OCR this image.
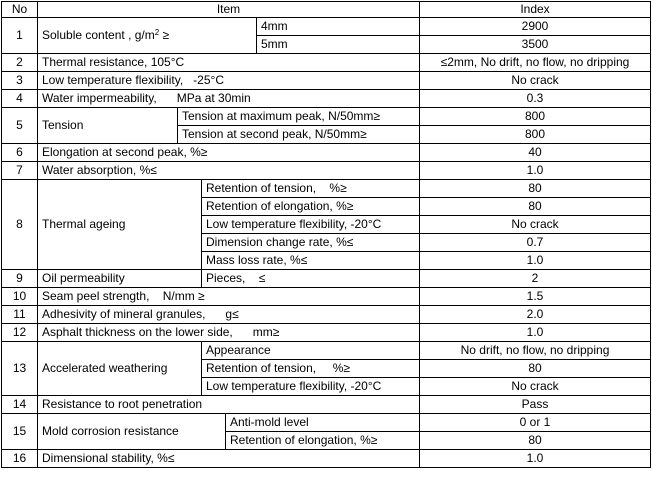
No	Item					Index
1	Soluble content , $g/m^2$ ≥				4mm	2900
					5mm	3500
2	Thermal resistance, 105°C					≤2mm, No drift, no flow, no dripping
3	Low temperature flexibility,   -25°C					No crack
4	Water impermeability,      MPa at 30min					0.3
5	Tension	Tension at maximum peak, N/50mm≥				800
		Tension at second peak, N/50mm≥				800
6	Elongation at second peak, %≥					40
7	Water absorption, %≤					1.0
8	Thermal ageing		Retention of tension,    %≥			80
			Retention of elongation, %≥			80
			Low temperature flexibility, -20°C			No crack
			Dimension change rate, %≤			0.7
			Mass loss rate, %≤			1.0
9	Oil permeability		Pieces,    ≤			2
10	Seam peel strength,    N/mm ≥					1.5
11	Adhesivity of mineral granules,      g≤					2.0
12	Asphalt thickness on the lower side,      mm≥					1.0
13	Accelerated weathering		Appearance			No drift, no flow, no dripping
			Retention of tension,     %≥			80
			Low temperature flexibility, -20°C			No crack
14	Resistance to root penetration					Pass
15	Mold corrosion resistance			Anti-mold level		0 or 1
				Retention of elongation, %≥		80
16	Dimensional stability, %≤					1.0
